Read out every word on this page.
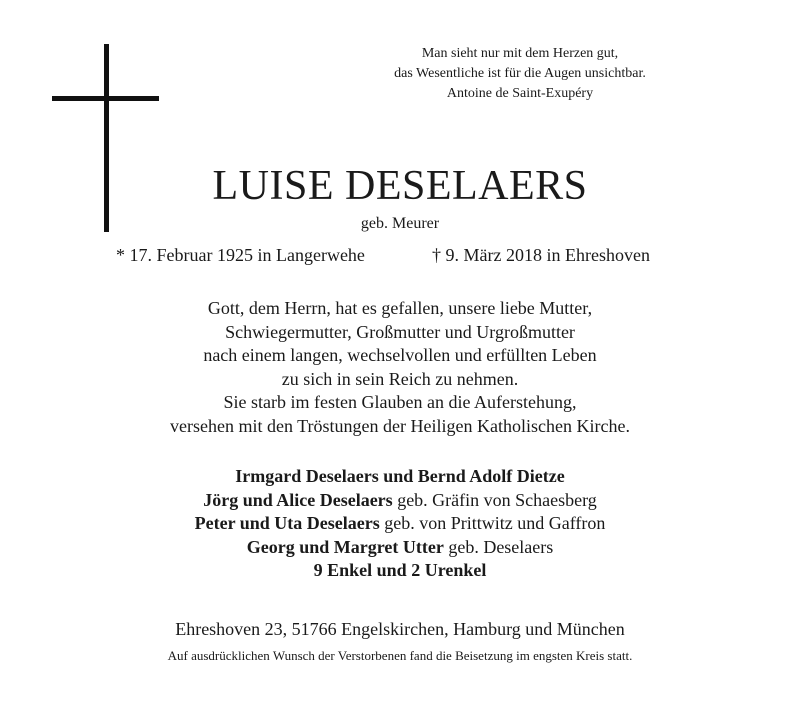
Man sieht nur mit dem Herzen gut,
das Wesentliche ist für die Augen unsichtbar.
Antoine de Saint-Exupéry
LUISE DESELAERS
geb. Meurer
* 17. Februar 1925 in Langerwehe	† 9. März 2018 in Ehreshoven
Gott, dem Herrn, hat es gefallen, unsere liebe Mutter,
Schwiegermutter, Großmutter und Urgroßmutter
nach einem langen, wechselvollen und erfüllten Leben
zu sich in sein Reich zu nehmen.
Sie starb im festen Glauben an die Auferstehung,
versehen mit den Tröstungen der Heiligen Katholischen Kirche.
Irmgard Deselaers und Bernd Adolf Dietze
Jörg und Alice Deselaers geb. Gräfin von Schaesberg
Peter und Uta Deselaers geb. von Prittwitz und Gaffron
Georg und Margret Utter geb. Deselaers
9 Enkel und 2 Urenkel
Ehreshoven 23, 51766 Engelskirchen, Hamburg und München
Auf ausdrücklichen Wunsch der Verstorbenen fand die Beisetzung im engsten Kreis statt.
